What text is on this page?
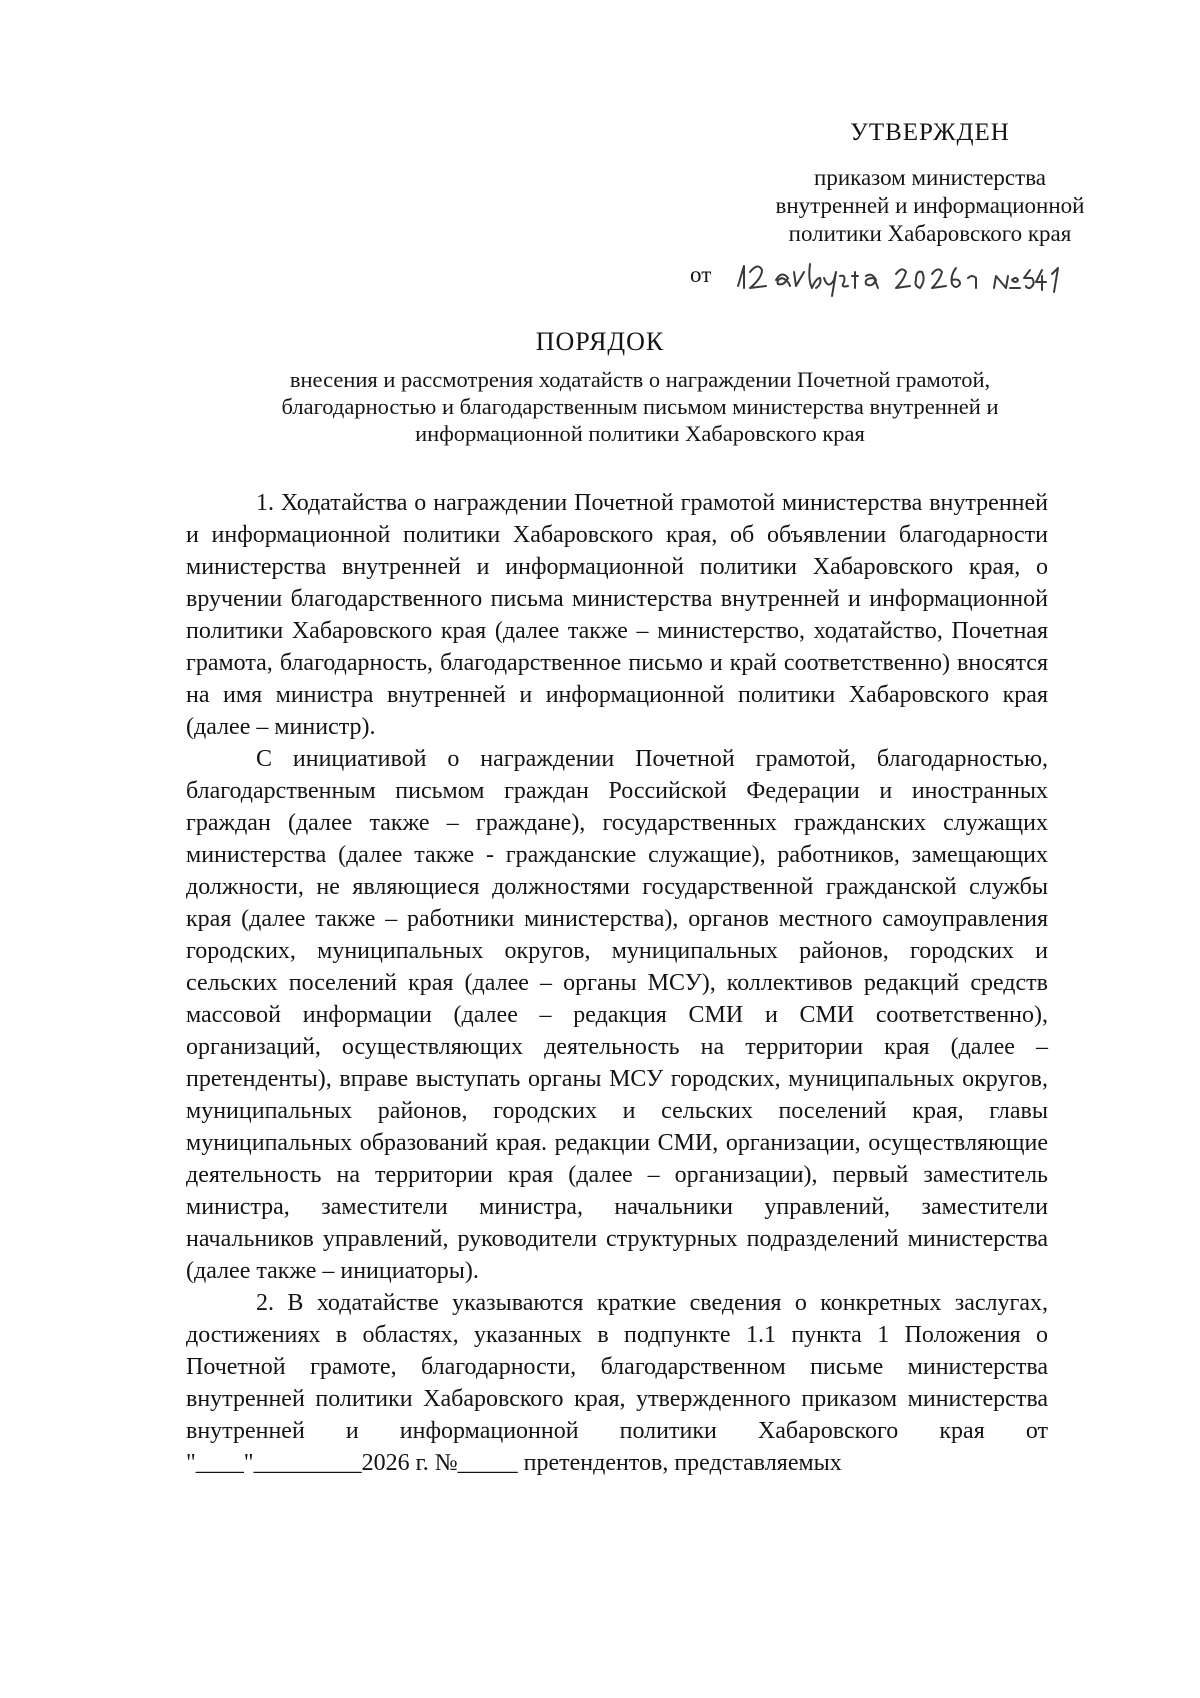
УТВЕРЖДЕН
приказом министерства
внутренней и информационной
политики Хабаровского края
от
ПОРЯДОК
внесения и рассмотрения ходатайств о награждении Почетной грамотой, благодарностью и благодарственным письмом министерства внутренней и информационной политики Хабаровского края

1. Ходатайства о награждении Почетной грамотой министерства внутренней и информационной политики Хабаровского края, об объявлении благодарности министерства внутренней и информационной политики Хабаровского края, о вручении благодарственного письма министерства внутренней и информационной политики Хабаровского края (далее также – министерство, ходатайство, Почетная грамота, благодарность, благодарственное письмо и край соответственно) вносятся на имя министра внутренней и информационной политики Хабаровского края (далее – министр).

С инициативой о награждении Почетной грамотой, благодарностью, благодарственным письмом граждан Российской Федерации и иностранных граждан (далее также – граждане), государственных гражданских служащих министерства (далее также - гражданские служащие), работников, замещающих должности, не являющиеся должностями государственной гражданской службы края (далее также – работники министерства), органов местного самоуправления городских, муниципальных округов, муниципальных районов, городских и сельских поселений края (далее – органы МСУ), коллективов редакций средств массовой информации (далее – редакция СМИ и СМИ соответственно), организаций, осуществляющих деятельность на территории края (далее – претенденты), вправе выступать органы МСУ городских, муниципальных округов, муниципальных районов, городских и сельских поселений края, главы муниципальных образований края. редакции СМИ, организации, осуществляющие деятельность на территории края (далее – организации), первый заместитель министра, заместители министра, начальники управлений, заместители начальников управлений, руководители структурных подразделений министерства (далее также – инициаторы).

2. В ходатайстве указываются краткие сведения о конкретных заслугах, достижениях в областях, указанных в подпункте 1.1 пункта 1 Положения о Почетной грамоте, благодарности, благодарственном письме министерства внутренней политики Хабаровского края, утвержденного приказом министерства внутренней и информационной политики Хабаровского края от "____"_________2026 г. №_____ претендентов, представляемых
